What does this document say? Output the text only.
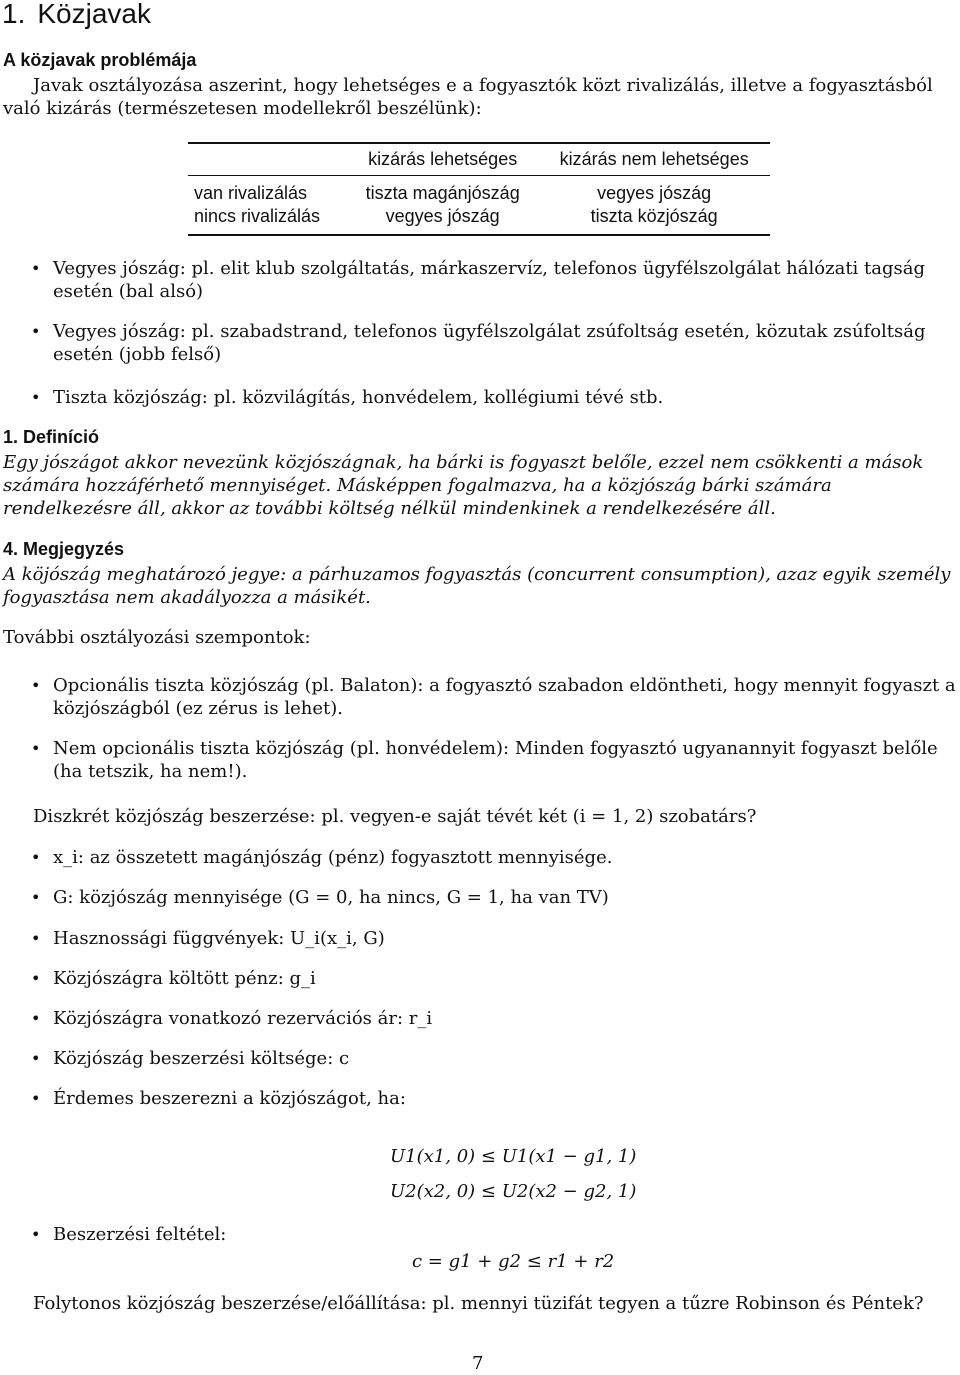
1. Közjavak
A közjavak problémája
Javak osztályozása aszerint, hogy lehetséges e a fogyasztók közt rivalizálás, illetve a fogyasztásból való kizárás (természetesen modellekről beszélünk):
	kizárás lehetséges	kizárás nem lehetséges
van rivalizálás	tiszta magánjószág	vegyes jószág
nincs rivalizálás	vegyes jószág	tiszta közjószág
• Vegyes jószág: pl. elit klub szolgáltatás, márkaszervíz, telefonos ügyfélszolgálat hálózati tagság esetén (bal alsó)
• Vegyes jószág: pl. szabadstrand, telefonos ügyfélszolgálat zsúfoltság esetén, közutak zsúfoltság esetén (jobb felső)
• Tiszta közjószág: pl. közvilágítás, honvédelem, kollégiumi tévé stb.
1. Definíció
Egy jószágot akkor nevezünk közjószágnak, ha bárki is fogyaszt belőle, ezzel nem csökkenti a mások számára hozzáférhető mennyiséget. Másképpen fogalmazva, ha a közjószág bárki számára rendelkezésre áll, akkor az további költség nélkül mindenkinek a rendelkezésére áll.
4. Megjegyzés
A köjószág meghatározó jegye: a párhuzamos fogyasztás (concurrent consumption), azaz egyik személy fogyasztása nem akadályozza a másikét.
További osztályozási szempontok:
• Opcionális tiszta közjószág (pl. Balaton): a fogyasztó szabadon eldöntheti, hogy mennyit fogyaszt a közjószágból (ez zérus is lehet).
• Nem opcionális tiszta közjószág (pl. honvédelem): Minden fogyasztó ugyanannyit fogyaszt belőle (ha tetszik, ha nem!).
Diszkrét közjószág beszerzése: pl. vegyen-e saját tévét két (i = 1, 2) szobatárs?
• x_i: az összetett magánjószág (pénz) fogyasztott mennyisége.
• G: közjószág mennyisége (G = 0, ha nincs, G = 1, ha van TV)
• Hasznossági függvények: U_i(x_i, G)
• Közjószágra költött pénz: g_i
• Közjószágra vonatkozó rezervációs ár: r_i
• Közjószág beszerzési költsége: c
• Érdemes beszerezni a közjószágot, ha:
U1(x1, 0) ≤ U1(x1 − g1, 1)
U2(x2, 0) ≤ U2(x2 − g2, 1)
• Beszerzési feltétel:
c = g1 + g2 ≤ r1 + r2
Folytonos közjószág beszerzése/előállítása: pl. mennyi tüzifát tegyen a tűzre Robinson és Péntek?
7
